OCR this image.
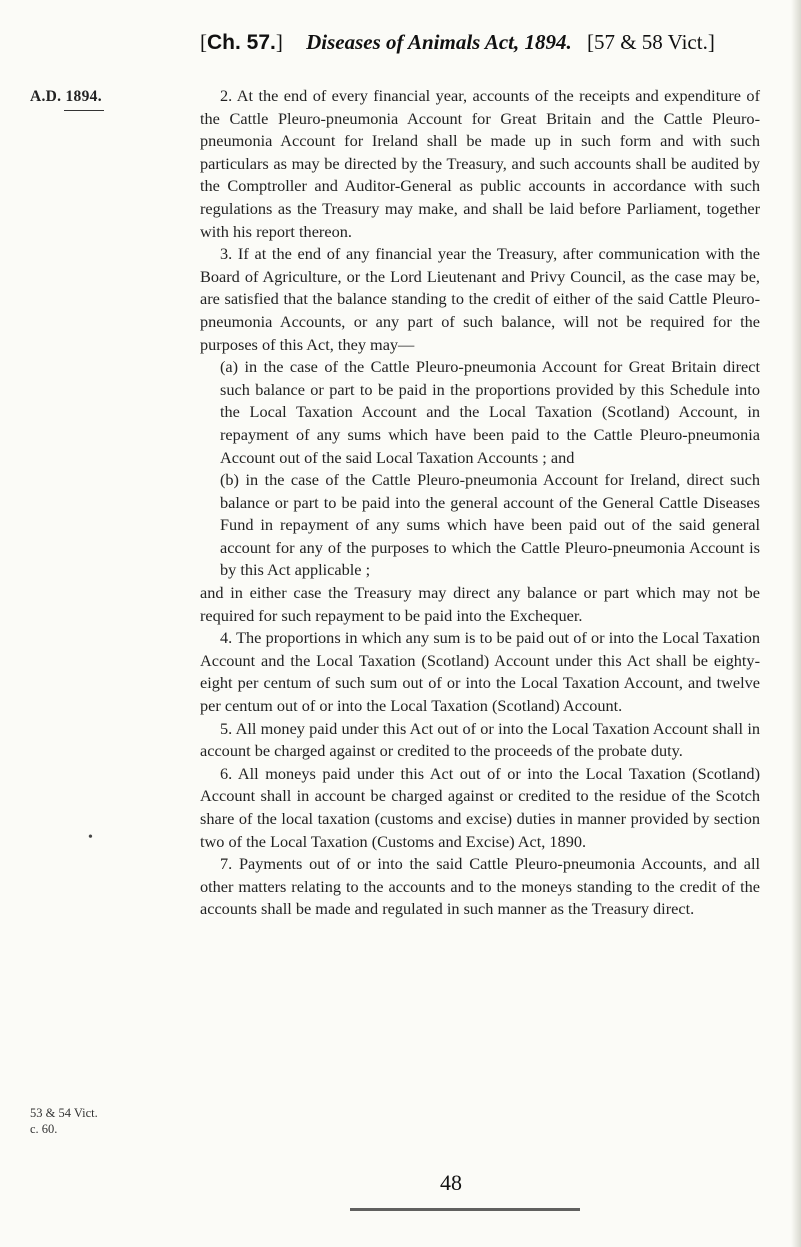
[Ch. 57.] Diseases of Animals Act, 1894. [57 & 58 Vict.]
A.D. 1894.
•
53 & 54 Vict.
c. 60.

2. At the end of every financial year, accounts of the receipts and expenditure of the Cattle Pleuro-pneumonia Account for Great Britain and the Cattle Pleuro-pneumonia Account for Ireland shall be made up in such form and with such particulars as may be directed by the Treasury, and such accounts shall be audited by the Comptroller and Auditor-General as public accounts in accordance with such regulations as the Treasury may make, and shall be laid before Parliament, together with his report thereon.

3. If at the end of any financial year the Treasury, after communication with the Board of Agriculture, or the Lord Lieutenant and Privy Council, as the case may be, are satisfied that the balance standing to the credit of either of the said Cattle Pleuro-pneumonia Accounts, or any part of such balance, will not be required for the purposes of this Act, they may—

(a) in the case of the Cattle Pleuro-pneumonia Account for Great Britain direct such balance or part to be paid in the proportions provided by this Schedule into the Local Taxation Account and the Local Taxation (Scotland) Account, in repayment of any sums which have been paid to the Cattle Pleuro-pneumonia Account out of the said Local Taxation Accounts ; and

(b) in the case of the Cattle Pleuro-pneumonia Account for Ireland, direct such balance or part to be paid into the general account of the General Cattle Diseases Fund in repayment of any sums which have been paid out of the said general account for any of the purposes to which the Cattle Pleuro-pneumonia Account is by this Act applicable ;

and in either case the Treasury may direct any balance or part which may not be required for such repayment to be paid into the Exchequer.

4. The proportions in which any sum is to be paid out of or into the Local Taxation Account and the Local Taxation (Scotland) Account under this Act shall be eighty-eight per centum of such sum out of or into the Local Taxation Account, and twelve per centum out of or into the Local Taxation (Scotland) Account.

5. All money paid under this Act out of or into the Local Taxation Account shall in account be charged against or credited to the proceeds of the probate duty.

6. All moneys paid under this Act out of or into the Local Taxation (Scotland) Account shall in account be charged against or credited to the residue of the Scotch share of the local taxation (customs and excise) duties in manner provided by section two of the Local Taxation (Customs and Excise) Act, 1890.

7. Payments out of or into the said Cattle Pleuro-pneumonia Accounts, and all other matters relating to the accounts and to the moneys standing to the credit of the accounts shall be made and regulated in such manner as the Treasury direct.

48
